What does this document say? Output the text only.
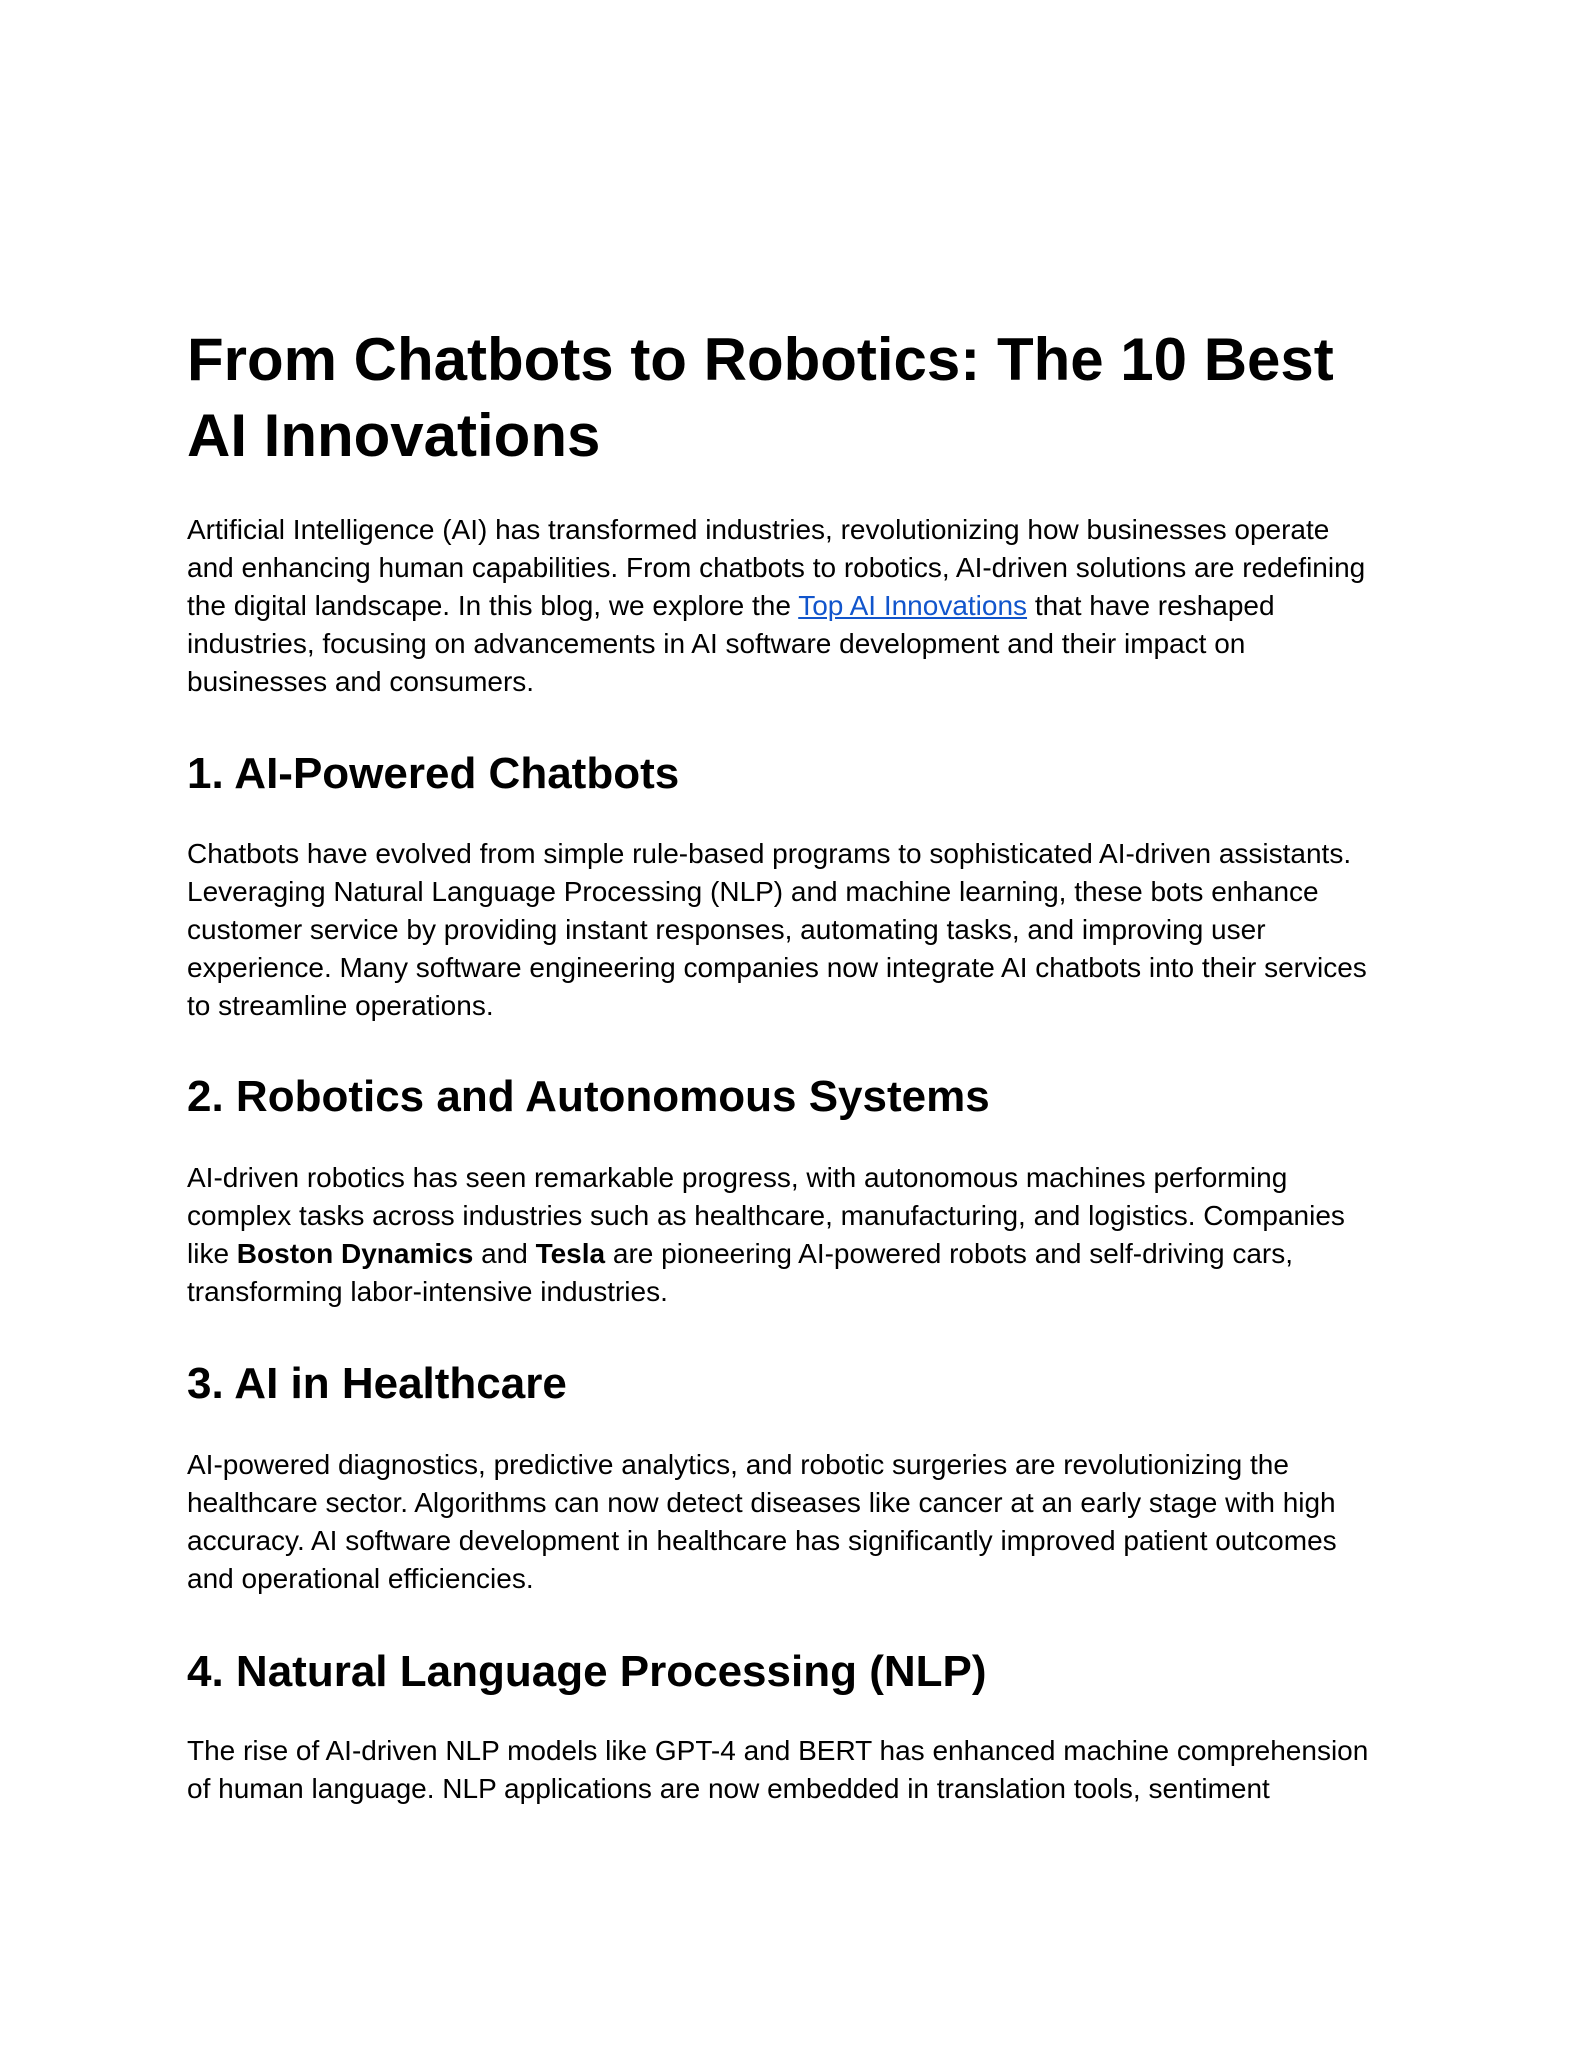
From Chatbots to Robotics: The 10 Best
AI Innovations

Artificial Intelligence (AI) has transformed industries, revolutionizing how businesses operate
and enhancing human capabilities. From chatbots to robotics, AI-driven solutions are redefining
the digital landscape. In this blog, we explore the Top AI Innovations that have reshaped
industries, focusing on advancements in AI software development and their impact on
businesses and consumers.

1. AI-Powered Chatbots

Chatbots have evolved from simple rule-based programs to sophisticated AI-driven assistants.
Leveraging Natural Language Processing (NLP) and machine learning, these bots enhance
customer service by providing instant responses, automating tasks, and improving user
experience. Many software engineering companies now integrate AI chatbots into their services
to streamline operations.

2. Robotics and Autonomous Systems

AI-driven robotics has seen remarkable progress, with autonomous machines performing
complex tasks across industries such as healthcare, manufacturing, and logistics. Companies
like Boston Dynamics and Tesla are pioneering AI-powered robots and self-driving cars,
transforming labor-intensive industries.

3. AI in Healthcare

AI-powered diagnostics, predictive analytics, and robotic surgeries are revolutionizing the
healthcare sector. Algorithms can now detect diseases like cancer at an early stage with high
accuracy. AI software development in healthcare has significantly improved patient outcomes
and operational efficiencies.

4. Natural Language Processing (NLP)

The rise of AI-driven NLP models like GPT-4 and BERT has enhanced machine comprehension
of human language. NLP applications are now embedded in translation tools, sentiment
